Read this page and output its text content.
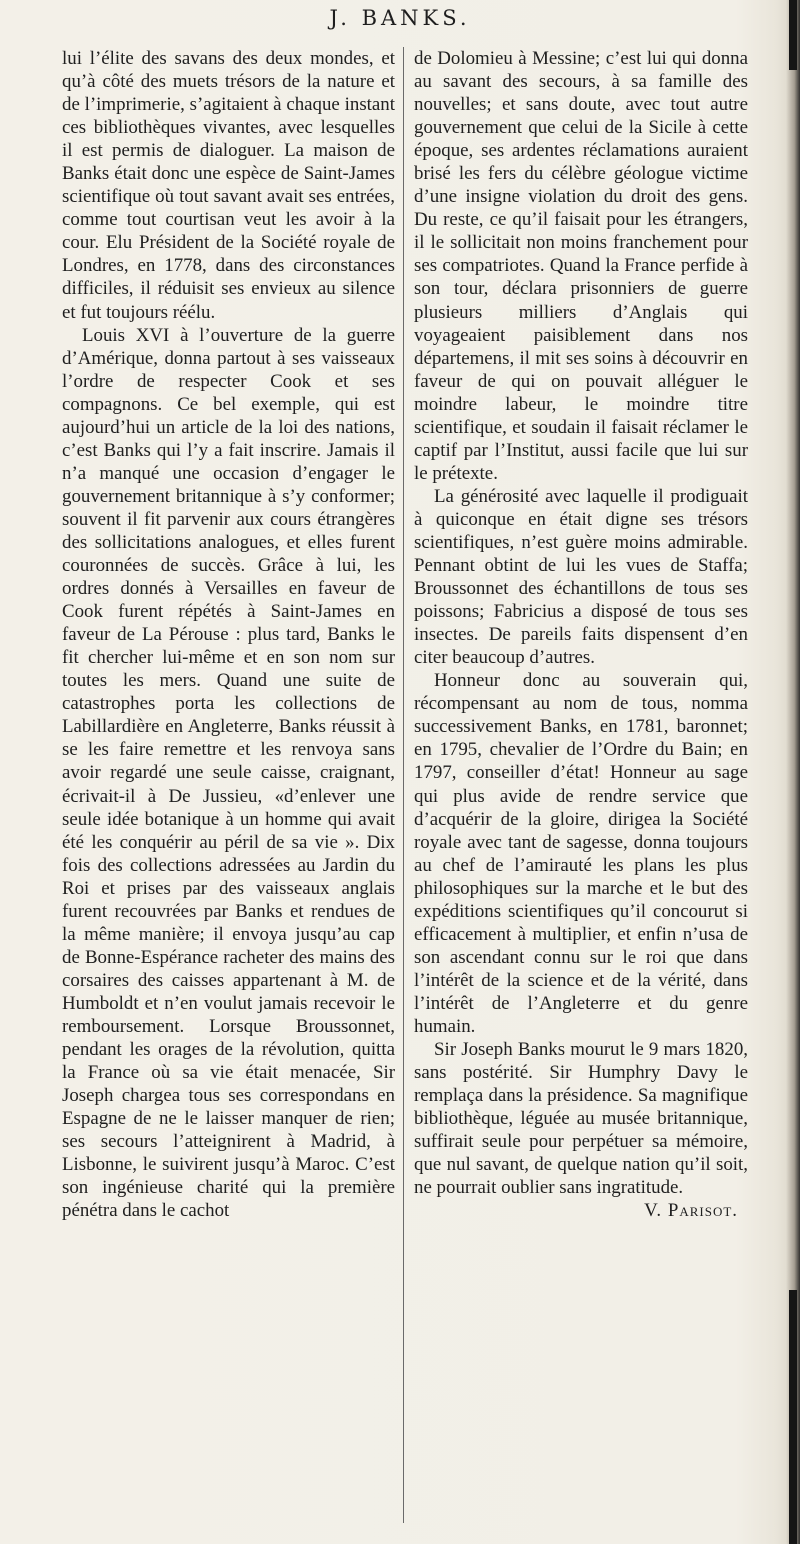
J. BANKS.

lui l’élite des savans des deux mondes, et qu’à côté des muets trésors de la nature et de l’imprimerie, s’agitaient à chaque instant ces bibliothèques vivantes, avec lesquelles il est permis de dialoguer. La maison de Banks était donc une espèce de Saint-James scientifique où tout savant avait ses entrées, comme tout courtisan veut les avoir à la cour. Elu Président de la Société royale de Londres, en 1778, dans des circonstances difficiles, il réduisit ses envieux au silence et fut toujours réélu.

Louis XVI à l’ouverture de la guerre d’Amérique, donna partout à ses vaisseaux l’ordre de respecter Cook et ses compagnons. Ce bel exemple, qui est aujourd’hui un article de la loi des nations, c’est Banks qui l’y a fait inscrire. Jamais il n’a manqué une occasion d’engager le gouvernement britannique à s’y conformer; souvent il fit parvenir aux cours étrangères des sollicitations analogues, et elles furent couronnées de succès. Grâce à lui, les ordres donnés à Versailles en faveur de Cook furent répétés à Saint-James en faveur de La Pérouse : plus tard, Banks le fit chercher lui-même et en son nom sur toutes les mers. Quand une suite de catastrophes porta les collections de Labillardière en Angleterre, Banks réussit à se les faire remettre et les renvoya sans avoir regardé une seule caisse, craignant, écrivait-il à De Jussieu, «d’enlever une seule idée botanique à un homme qui avait été les conquérir au péril de sa vie ». Dix fois des collections adressées au Jardin du Roi et prises par des vaisseaux anglais furent recouvrées par Banks et rendues de la même manière; il envoya jusqu’au cap de Bonne-Espérance racheter des mains des corsaires des caisses appartenant à M. de Humboldt et n’en voulut jamais recevoir le remboursement. Lorsque Broussonnet, pendant les orages de la révolution, quitta la France où sa vie était menacée, Sir Joseph chargea tous ses correspondans en Espagne de ne le laisser manquer de rien; ses secours l’atteignirent à Madrid, à Lisbonne, le suivirent jusqu’à Maroc. C’est son ingénieuse charité qui la première pénétra dans le cachot

de Dolomieu à Messine; c’est lui qui donna au savant des secours, à sa famille des nouvelles; et sans doute, avec tout autre gouvernement que celui de la Sicile à cette époque, ses ardentes réclamations auraient brisé les fers du célèbre géologue victime d’une insigne violation du droit des gens. Du reste, ce qu’il faisait pour les étrangers, il le sollicitait non moins franchement pour ses compatriotes. Quand la France perfide à son tour, déclara prisonniers de guerre plusieurs milliers d’Anglais qui voyageaient paisiblement dans nos départemens, il mit ses soins à découvrir en faveur de qui on pouvait alléguer le moindre labeur, le moindre titre scientifique, et soudain il faisait réclamer le captif par l’Institut, aussi facile que lui sur le prétexte.

La générosité avec laquelle il prodiguait à quiconque en était digne ses trésors scientifiques, n’est guère moins admirable. Pennant obtint de lui les vues de Staffa; Broussonnet des échantillons de tous ses poissons; Fabricius a disposé de tous ses insectes. De pareils faits dispensent d’en citer beaucoup d’autres.

Honneur donc au souverain qui, récompensant au nom de tous, nomma successivement Banks, en 1781, baronnet; en 1795, chevalier de l’Ordre du Bain; en 1797, conseiller d’état! Honneur au sage qui plus avide de rendre service que d’acquérir de la gloire, dirigea la Société royale avec tant de sagesse, donna toujours au chef de l’amirauté les plans les plus philosophiques sur la marche et le but des expéditions scientifiques qu’il concourut si efficacement à multiplier, et enfin n’usa de son ascendant connu sur le roi que dans l’intérêt de la science et de la vérité, dans l’intérêt de l’Angleterre et du genre humain.

Sir Joseph Banks mourut le 9 mars 1820, sans postérité. Sir Humphry Davy le remplaça dans la présidence. Sa magnifique bibliothèque, léguée au musée britannique, suffirait seule pour perpétuer sa mémoire, que nul savant, de quelque nation qu’il soit, ne pourrait oublier sans ingratitude.

V. Parisot.
